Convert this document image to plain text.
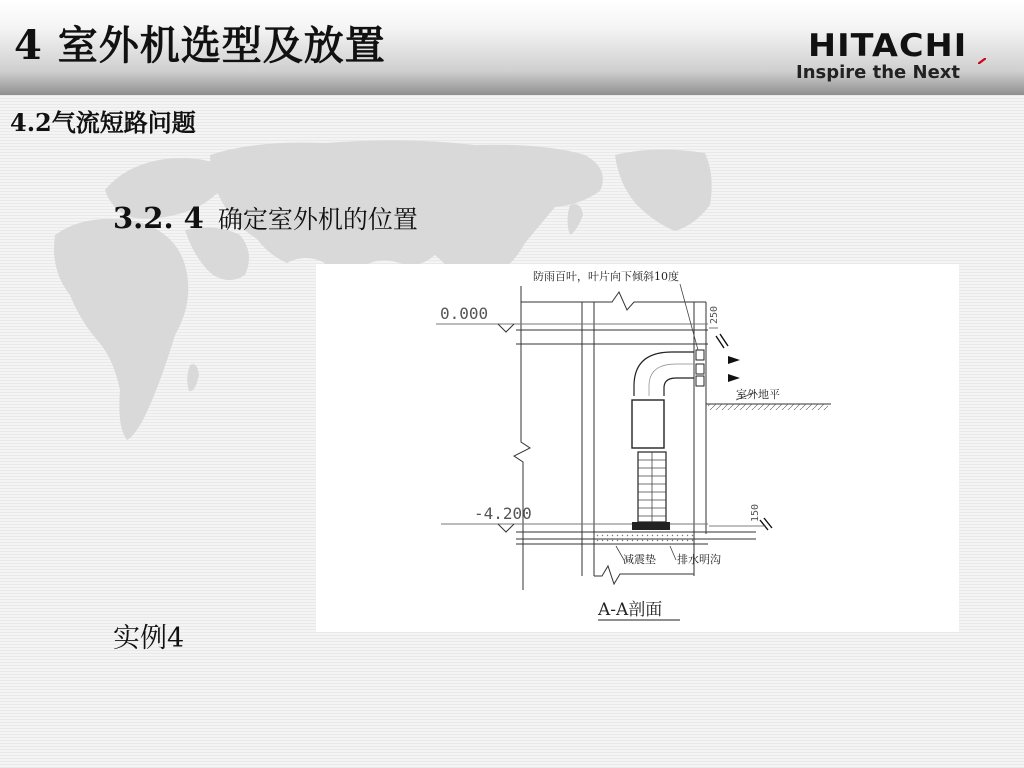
4 室外机选型及放置	HITACHI
Inspire the Next
4.2气流短路问题
3.2. 4 确定室外机的位置
防雨百叶，叶片向下倾斜10度
0.000	250
室外地平
-4.200	150
减震垫 排水明沟
A-A剖面
实例4
